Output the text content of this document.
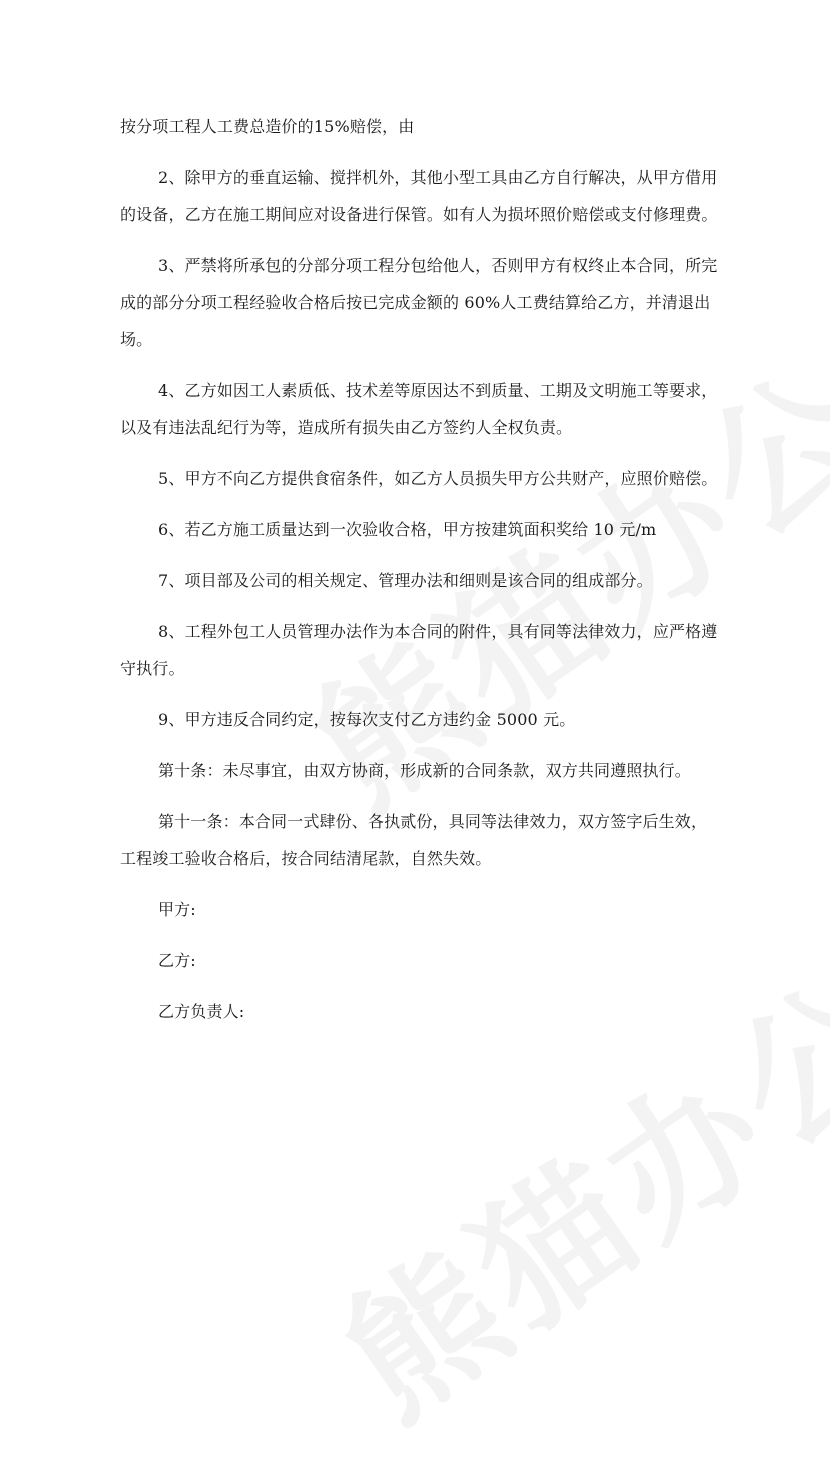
按分项工程人工费总造价的15%赔偿，由

2、除甲方的垂直运输、搅拌机外，其他小型工具由乙方自行解决，从甲方借用的设备，乙方在施工期间应对设备进行保管。如有人为损坏照价赔偿或支付修理费。

3、严禁将所承包的分部分项工程分包给他人，否则甲方有权终止本合同，所完成的部分分项工程经验收合格后按已完成金额的 60%人工费结算给乙方，并清退出场。

4、乙方如因工人素质低、技术差等原因达不到质量、工期及文明施工等要求，以及有违法乱纪行为等，造成所有损失由乙方签约人全权负责。

5、甲方不向乙方提供食宿条件，如乙方人员损失甲方公共财产，应照价赔偿。

6、若乙方施工质量达到一次验收合格，甲方按建筑面积奖给 10 元/m

7、项目部及公司的相关规定、管理办法和细则是该合同的组成部分。

8、工程外包工人员管理办法作为本合同的附件，具有同等法律效力，应严格遵守执行。

9、甲方违反合同约定，按每次支付乙方违约金 5000 元。

第十条：未尽事宜，由双方协商，形成新的合同条款，双方共同遵照执行。

第十一条：本合同一式肆份、各执贰份，具同等法律效力，双方签字后生效，工程竣工验收合格后，按合同结清尾款，自然失效。

甲方:

乙方:

乙方负责人:
